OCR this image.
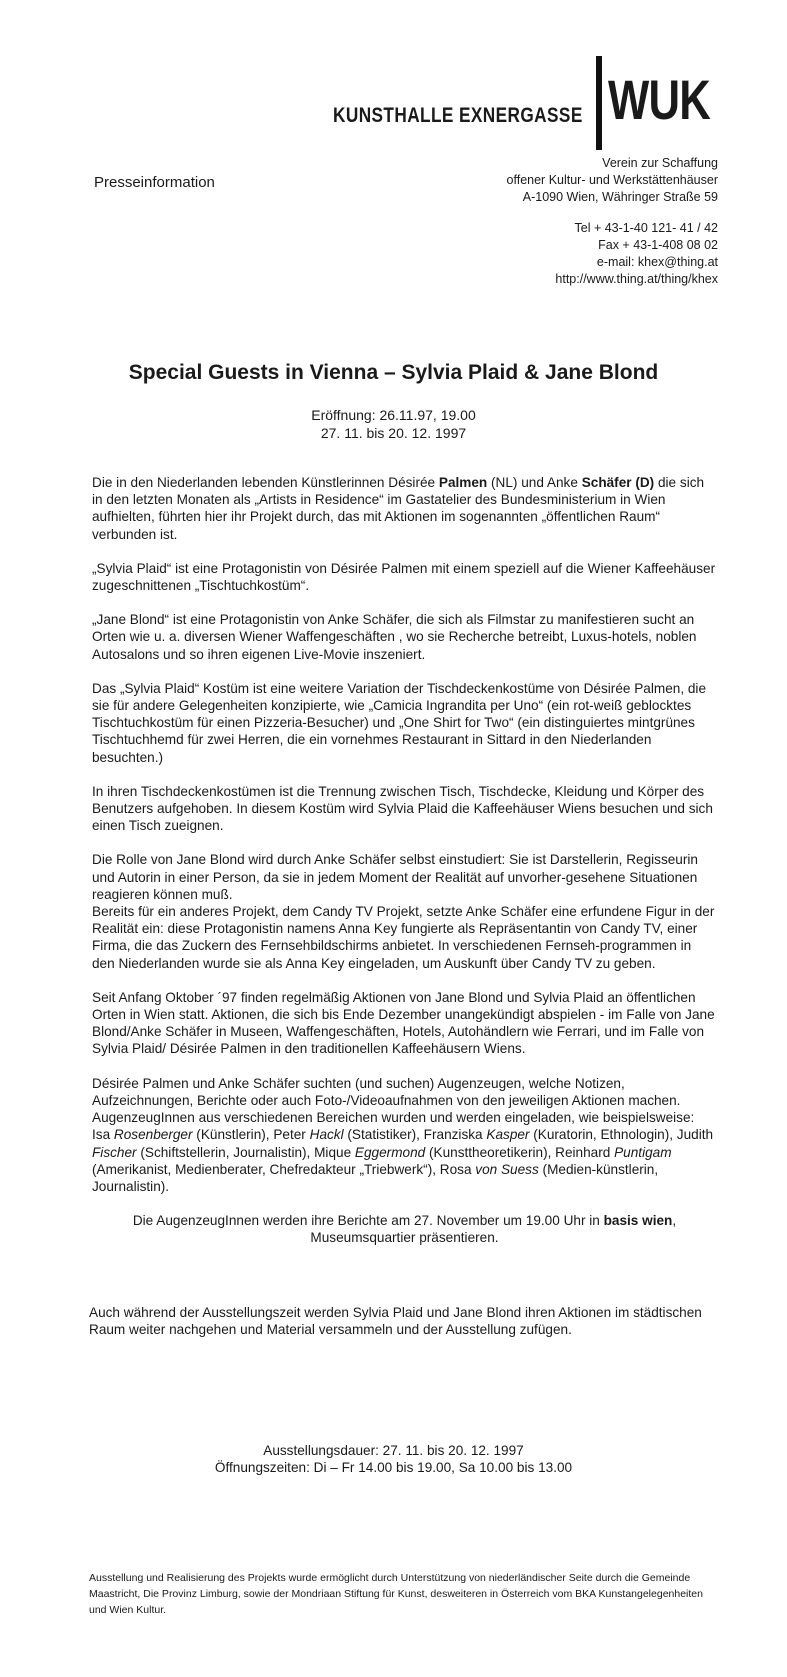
KUNSTHALLE EXNERGASSE WUK
Presseinformation
Verein zur Schaffung
offener Kultur- und Werkstättenhäuser
A-1090 Wien, Währinger Straße 59
Tel + 43-1-40 121- 41 / 42
Fax + 43-1-408 08 02
e-mail: khex@thing.at
http://www.thing.at/thing/khex
Special Guests in Vienna – Sylvia Plaid & Jane Blond
Eröffnung: 26.11.97, 19.00
27. 11. bis 20. 12. 1997

Die in den Niederlanden lebenden Künstlerinnen Désirée Palmen (NL) und Anke Schäfer (D) die sich in den letzten Monaten als „Artists in Residence“ im Gastatelier des Bundesministerium in Wien aufhielten, führten hier ihr Projekt durch, das mit Aktionen im sogenannten „öffentlichen Raum“ verbunden ist.

„Sylvia Plaid“ ist eine Protagonistin von Désirée Palmen mit einem speziell auf die Wiener Kaffeehäuser zugeschnittenen „Tischtuchkostüm“.

„Jane Blond“ ist eine Protagonistin von Anke Schäfer, die sich als Filmstar zu manifestieren sucht an Orten wie u. a. diversen Wiener Waffengeschäften , wo sie Recherche betreibt, Luxus-hotels, noblen Autosalons und so ihren eigenen Live-Movie inszeniert.

Das „Sylvia Plaid“ Kostüm ist eine weitere Variation der Tischdeckenkostüme von Désirée Palmen, die sie für andere Gelegenheiten konzipierte, wie „Camicia Ingrandita per Uno“ (ein rot-weiß geblocktes Tischtuchkostüm für einen Pizzeria-Besucher) und „One Shirt for Two“ (ein distinguiertes mintgrünes Tischtuchhemd für zwei Herren, die ein vornehmes Restaurant in Sittard in den Niederlanden besuchten.)

In ihren Tischdeckenkostümen ist die Trennung zwischen Tisch, Tischdecke, Kleidung und Körper des Benutzers aufgehoben. In diesem Kostüm wird Sylvia Plaid die Kaffeehäuser Wiens besuchen und sich einen Tisch zueignen.

Die Rolle von Jane Blond wird durch Anke Schäfer selbst einstudiert: Sie ist Darstellerin, Regisseurin und Autorin in einer Person, da sie in jedem Moment der Realität auf unvorher-gesehene Situationen reagieren können muß.

Bereits für ein anderes Projekt, dem Candy TV Projekt, setzte Anke Schäfer eine erfundene Figur in der Realität ein: diese Protagonistin namens Anna Key fungierte als Repräsentantin von Candy TV, einer Firma, die das Zuckern des Fernsehbildschirms anbietet. In verschiedenen Fernseh-programmen in den Niederlanden wurde sie als Anna Key eingeladen, um Auskunft über Candy TV zu geben.

Seit Anfang Oktober ´97 finden regelmäßig Aktionen von Jane Blond und Sylvia Plaid an öffentlichen Orten in Wien statt. Aktionen, die sich bis Ende Dezember unangekündigt abspielen - im Falle von Jane Blond/Anke Schäfer in Museen, Waffengeschäften, Hotels, Autohändlern wie Ferrari, und im Falle von Sylvia Plaid/ Désirée Palmen in den traditionellen Kaffeehäusern Wiens.

Désirée Palmen und Anke Schäfer suchten (und suchen) Augenzeugen, welche Notizen, Aufzeichnungen, Berichte oder auch Foto-/Videoaufnahmen von den jeweiligen Aktionen machen. AugenzeugInnen aus verschiedenen Bereichen wurden und werden eingeladen, wie beispielsweise:

Isa Rosenberger (Künstlerin), Peter Hackl (Statistiker), Franziska Kasper (Kuratorin, Ethnologin), Judith Fischer (Schiftstellerin, Journalistin), Mique Eggermond (Kunsttheoretikerin), Reinhard Puntigam (Amerikanist, Medienberater, Chefredakteur „Triebwerk“), Rosa von Suess (Medien-künstlerin, Journalistin).

Die AugenzeugInnen werden ihre Berichte am 27. November um 19.00 Uhr in basis wien,
Museumsquartier präsentieren.

Auch während der Ausstellungszeit werden Sylvia Plaid und Jane Blond ihren Aktionen im städtischen Raum weiter nachgehen und Material versammeln und der Ausstellung zufügen.
Ausstellungsdauer: 27. 11. bis 20. 12. 1997
Öffnungszeiten: Di – Fr 14.00 bis 19.00, Sa 10.00 bis 13.00
Ausstellung und Realisierung des Projekts wurde ermöglicht durch Unterstützung von niederländischer Seite durch die Gemeinde Maastricht, Die Provinz Limburg, sowie der Mondriaan Stiftung für Kunst, desweiteren in Österreich vom BKA Kunstangelegenheiten und Wien Kultur.
